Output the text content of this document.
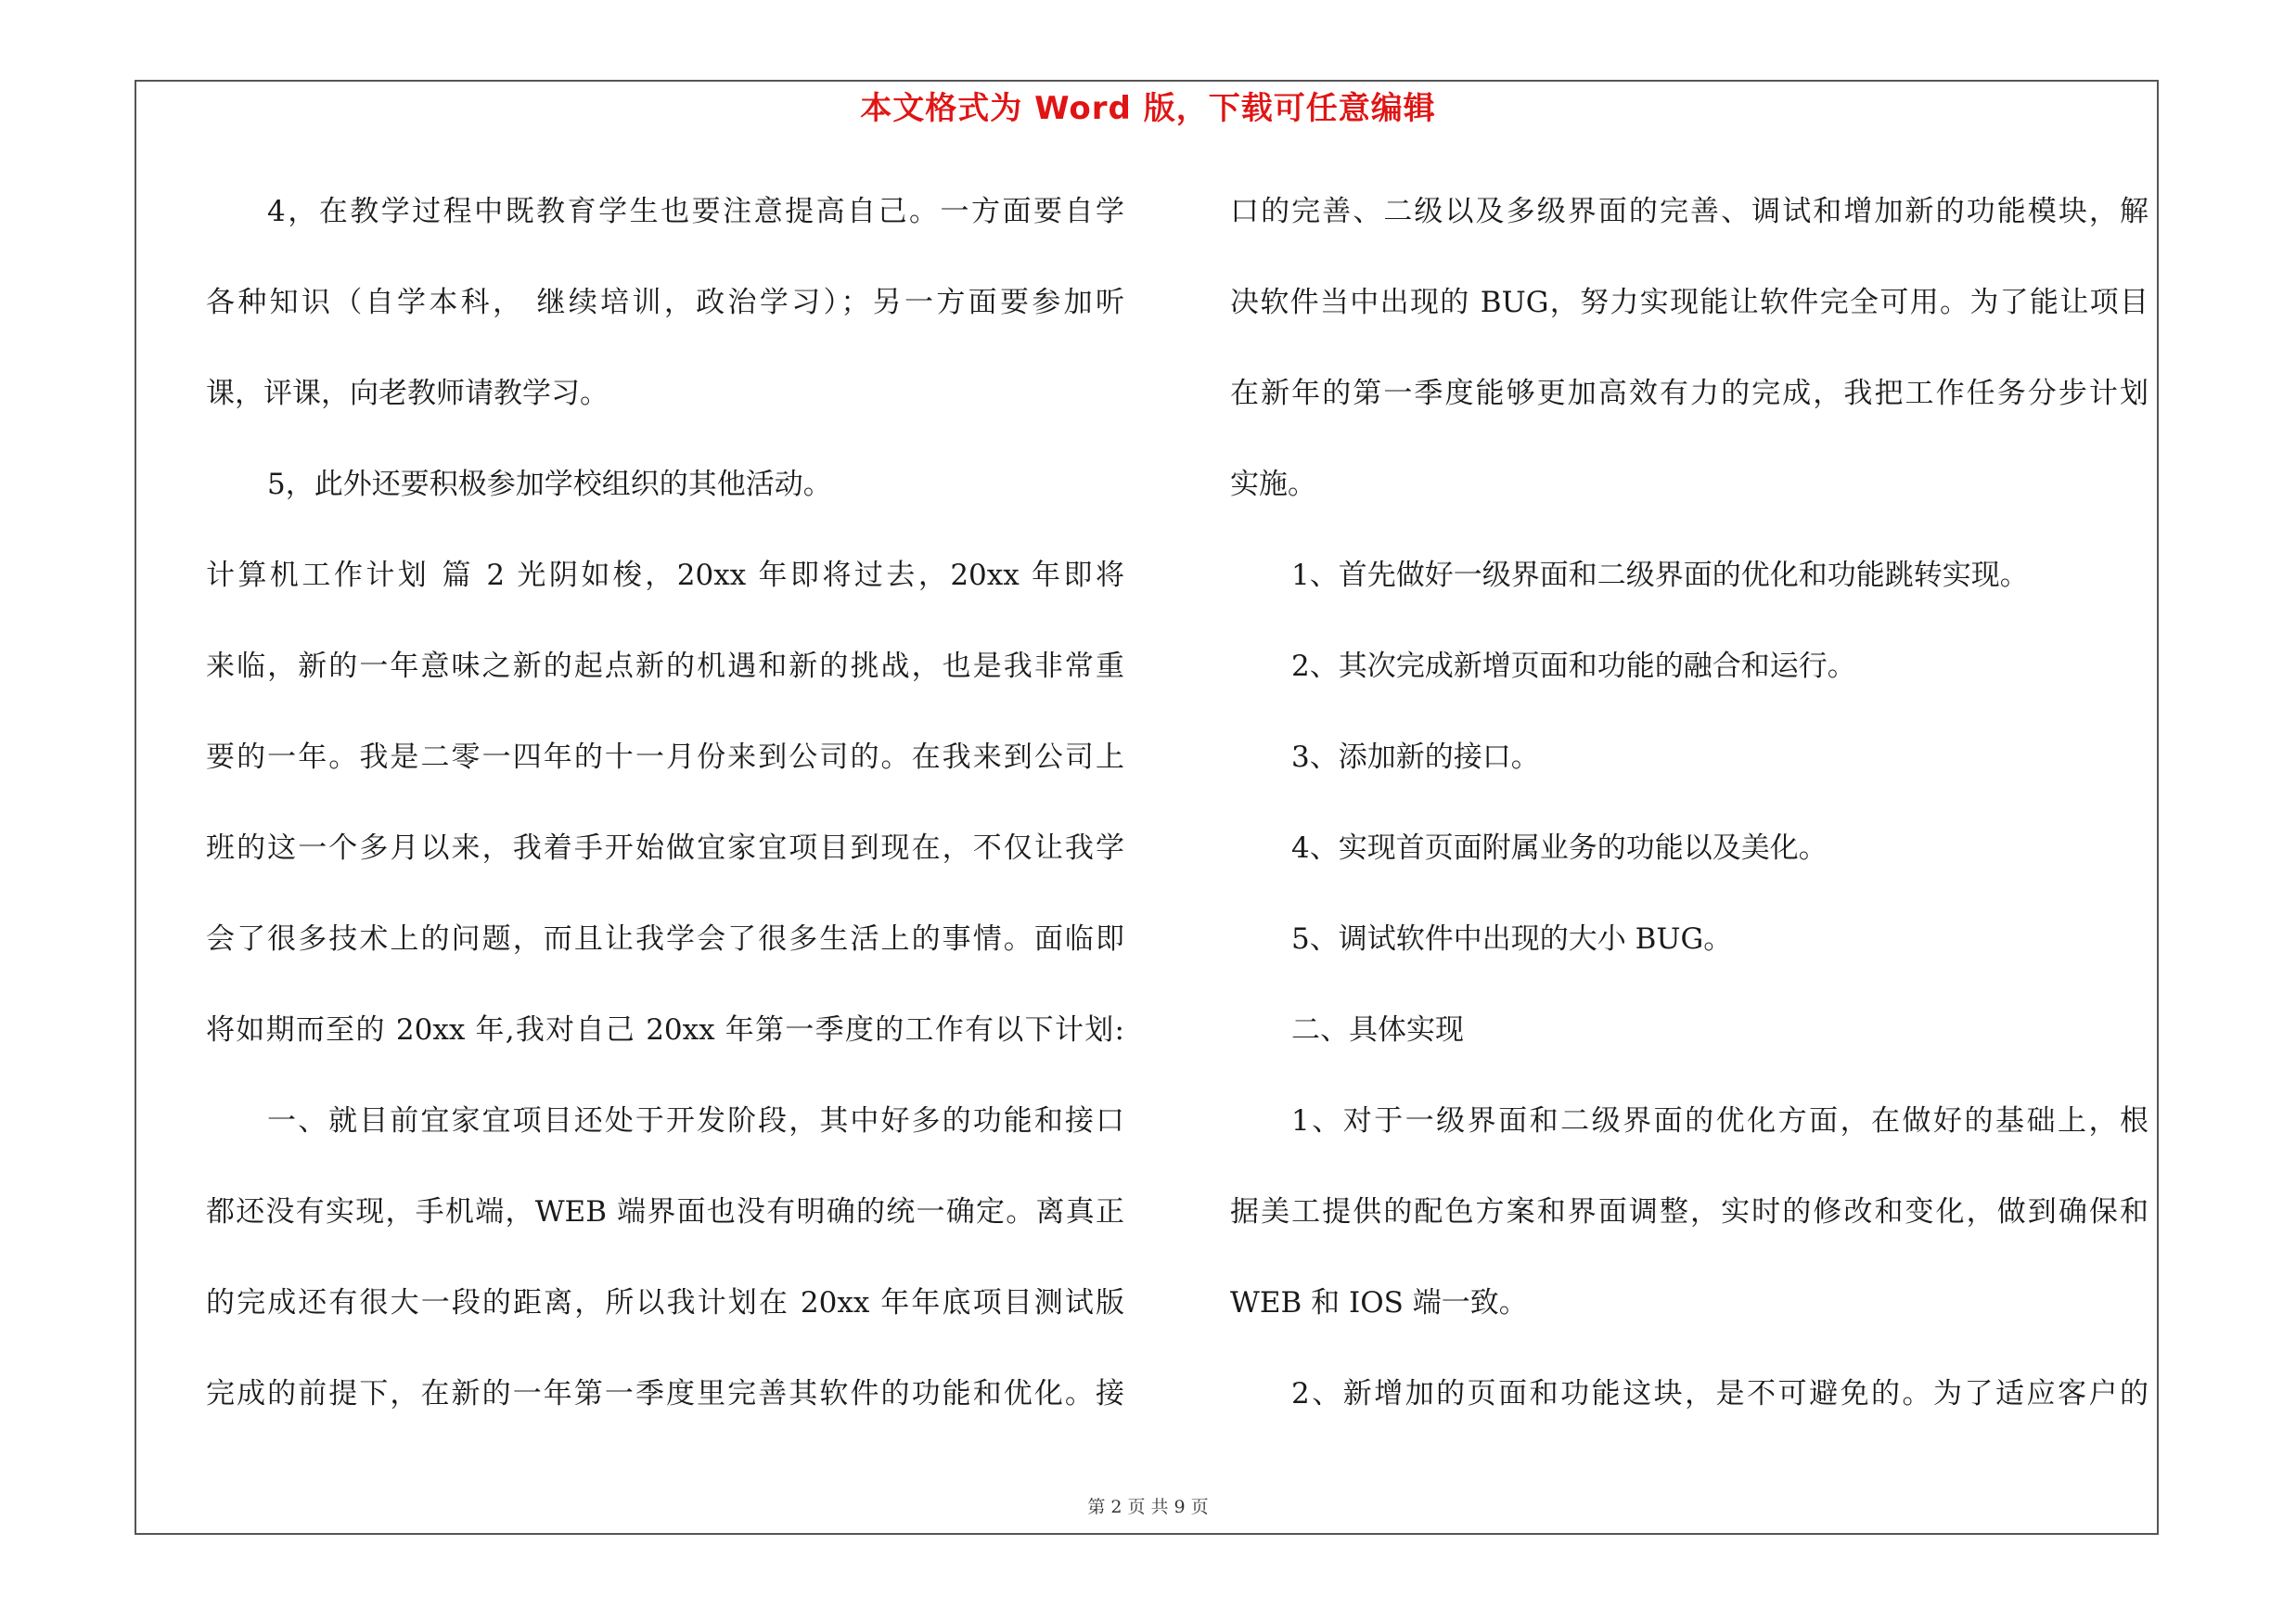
本文格式为 Word 版，下载可任意编辑
4，在教学过程中既教育学生也要注意提高自己。一方面要自学
各种知识（自学本科， 继续培训，政治学习）；另一方面要参加听
课，评课，向老教师请教学习。
5，此外还要积极参加学校组织的其他活动。
计算机工作计划 篇 2 光阴如梭，20xx 年即将过去，20xx 年即将
来临，新的一年意味之新的起点新的机遇和新的挑战，也是我非常重
要的一年。我是二零一四年的十一月份来到公司的。在我来到公司上
班的这一个多月以来，我着手开始做宜家宜项目到现在，不仅让我学
会了很多技术上的问题，而且让我学会了很多生活上的事情。面临即
将如期而至的 20xx 年,我对自己 20xx 年第一季度的工作有以下计划:
一、就目前宜家宜项目还处于开发阶段，其中好多的功能和接口
都还没有实现，手机端，WEB 端界面也没有明确的统一确定。离真正
的完成还有很大一段的距离，所以我计划在 20xx 年年底项目测试版
完成的前提下，在新的一年第一季度里完善其软件的功能和优化。接
口的完善、二级以及多级界面的完善、调试和增加新的功能模块，解
决软件当中出现的 BUG，努力实现能让软件完全可用。为了能让项目
在新年的第一季度能够更加高效有力的完成，我把工作任务分步计划
实施。
1、首先做好一级界面和二级界面的优化和功能跳转实现。
2、其次完成新增页面和功能的融合和运行。
3、添加新的接口。
4、实现首页面附属业务的功能以及美化。
5、调试软件中出现的大小 BUG。
二、具体实现
1、对于一级界面和二级界面的优化方面，在做好的基础上，根
据美工提供的配色方案和界面调整，实时的修改和变化，做到确保和
WEB 和 IOS 端一致。
2、新增加的页面和功能这块，是不可避免的。为了适应客户的
第 2 页 共 9 页
